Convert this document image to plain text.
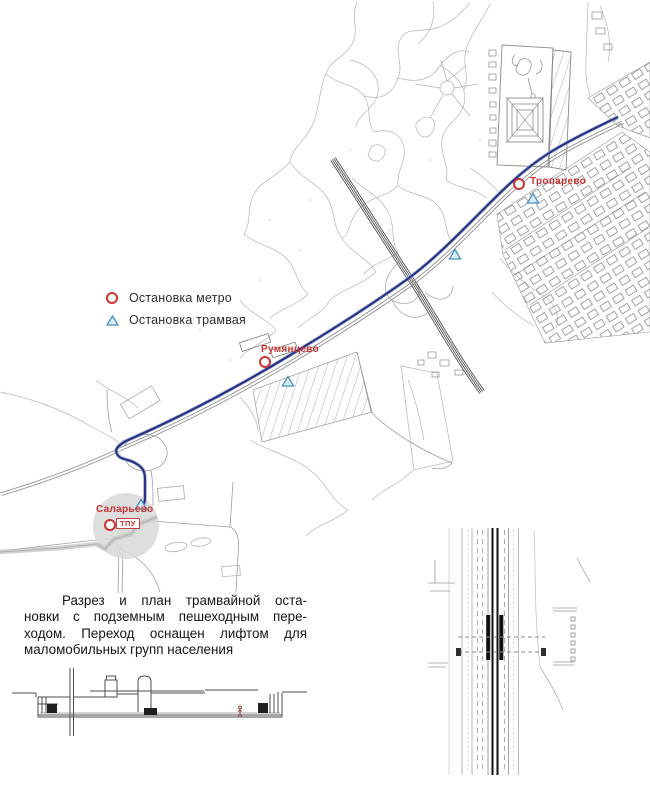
Тропарево
Румянцево
Саларьево
ТПУ
Остановка метро
Остановка трамвая
Разрез и план трамвайной оста-
новки с подземным пешеходным пере-
ходом. Переход оснащен лифтом для
маломобильных групп населения
